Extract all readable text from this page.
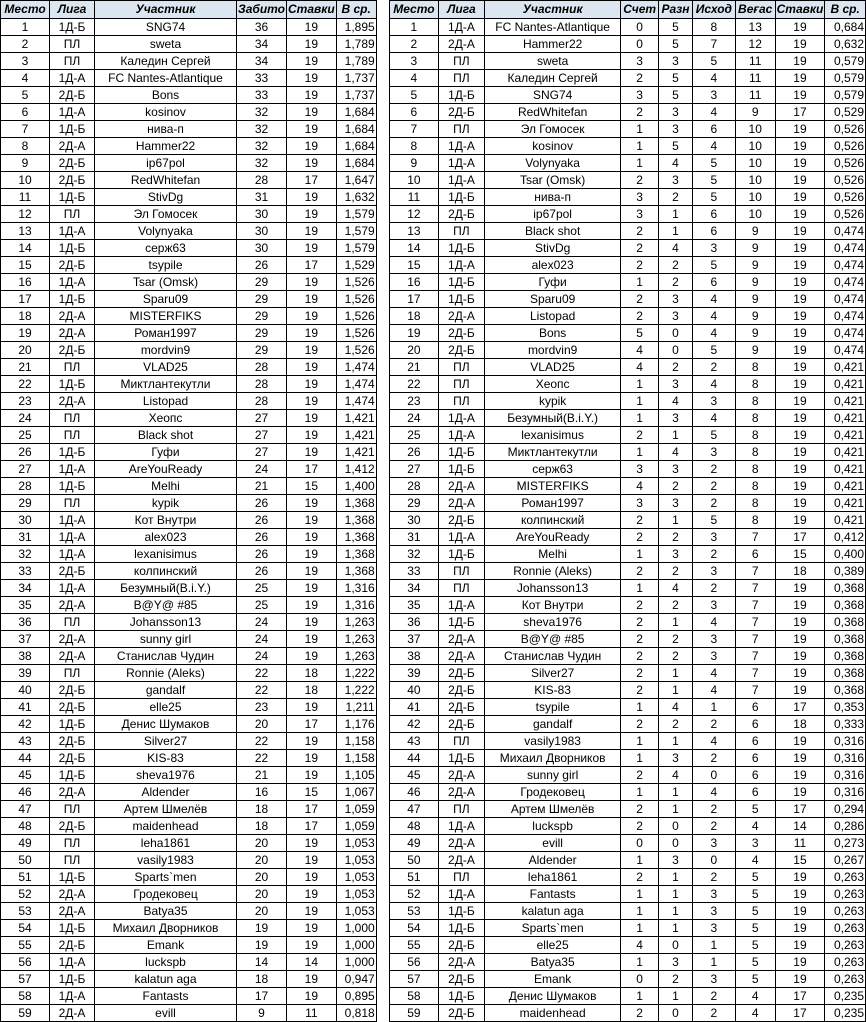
Место	Лига	Участник	Забито	Ставки	В ср.
1	1Д-Б	SNG74	36	19	1,895
2	ПЛ	sweta	34	19	1,789
3	ПЛ	Каледин Сергей	34	19	1,789
4	1Д-А	FC Nantes-Atlantique	33	19	1,737
5	2Д-Б	Bons	33	19	1,737
6	1Д-А	kosinov	32	19	1,684
7	1Д-Б	нива-п	32	19	1,684
8	2Д-А	Hammer22	32	19	1,684
9	2Д-Б	ip67pol	32	19	1,684
10	2Д-Б	RedWhitefan	28	17	1,647
11	1Д-Б	StivDg	31	19	1,632
12	ПЛ	Эл Гомосек	30	19	1,579
13	1Д-А	Volynyaka	30	19	1,579
14	1Д-Б	серж63	30	19	1,579
15	2Д-Б	tsypile	26	17	1,529
16	1Д-А	Tsar (Omsk)	29	19	1,526
17	1Д-Б	Sparu09	29	19	1,526
18	2Д-А	MISTERFIKS	29	19	1,526
19	2Д-А	Роман1997	29	19	1,526
20	2Д-Б	mordvin9	29	19	1,526
21	ПЛ	VLAD25	28	19	1,474
22	1Д-Б	Миктлантекутли	28	19	1,474
23	2Д-А	Listopad	28	19	1,474
24	ПЛ	Хеопс	27	19	1,421
25	ПЛ	Black shot	27	19	1,421
26	1Д-Б	Гуфи	27	19	1,421
27	1Д-А	AreYouReady	24	17	1,412
28	1Д-Б	Melhi	21	15	1,400
29	ПЛ	kypik	26	19	1,368
30	1Д-А	Кот Внутри	26	19	1,368
31	1Д-А	alex023	26	19	1,368
32	1Д-А	lexanisimus	26	19	1,368
33	2Д-Б	колпинский	26	19	1,368
34	1Д-А	Безумный(B.i.Y.)	25	19	1,316
35	2Д-А	B@Y@ #85	25	19	1,316
36	ПЛ	Johansson13	24	19	1,263
37	2Д-А	sunny girl	24	19	1,263
38	2Д-А	Станислав Чудин	24	19	1,263
39	ПЛ	Ronnie (Aleks)	22	18	1,222
40	2Д-Б	gandalf	22	18	1,222
41	2Д-Б	elle25	23	19	1,211
42	1Д-Б	Денис Шумаков	20	17	1,176
43	2Д-Б	Silver27	22	19	1,158
44	2Д-Б	KIS-83	22	19	1,158
45	1Д-Б	sheva1976	21	19	1,105
46	2Д-А	Aldender	16	15	1,067
47	ПЛ	Артем Шмелёв	18	17	1,059
48	2Д-Б	maidenhead	18	17	1,059
49	ПЛ	leha1861	20	19	1,053
50	ПЛ	vasily1983	20	19	1,053
51	1Д-Б	Sparts`men	20	19	1,053
52	2Д-А	Гродековец	20	19	1,053
53	2Д-А	Batya35	20	19	1,053
54	1Д-Б	Михаил Дворников	19	19	1,000
55	2Д-Б	Emank	19	19	1,000
56	1Д-А	luckspb	14	14	1,000
57	1Д-Б	kalatun aga	18	19	0,947
58	1Д-А	Fantasts	17	19	0,895
59	2Д-А	evill	9	11	0,818
Место	Лига	Участник	Счет	Разн	Исход	Веғас	Ставки	В ср.
1	1Д-А	FC Nantes-Atlantique	0	5	8	13	19	0,684
2	2Д-А	Hammer22	0	5	7	12	19	0,632
3	ПЛ	sweta	3	3	5	11	19	0,579
4	ПЛ	Каледин Сергей	2	5	4	11	19	0,579
5	1Д-Б	SNG74	3	5	3	11	19	0,579
6	2Д-Б	RedWhitefan	2	3	4	9	17	0,529
7	ПЛ	Эл Гомосек	1	3	6	10	19	0,526
8	1Д-А	kosinov	1	5	4	10	19	0,526
9	1Д-А	Volynyaka	1	4	5	10	19	0,526
10	1Д-А	Tsar (Omsk)	2	3	5	10	19	0,526
11	1Д-Б	нива-п	3	2	5	10	19	0,526
12	2Д-Б	ip67pol	3	1	6	10	19	0,526
13	ПЛ	Black shot	2	1	6	9	19	0,474
14	1Д-Б	StivDg	2	4	3	9	19	0,474
15	1Д-А	alex023	2	2	5	9	19	0,474
16	1Д-Б	Гуфи	1	2	6	9	19	0,474
17	1Д-Б	Sparu09	2	3	4	9	19	0,474
18	2Д-А	Listopad	2	3	4	9	19	0,474
19	2Д-Б	Bons	5	0	4	9	19	0,474
20	2Д-Б	mordvin9	4	0	5	9	19	0,474
21	ПЛ	VLAD25	4	2	2	8	19	0,421
22	ПЛ	Хеопс	1	3	4	8	19	0,421
23	ПЛ	kypik	1	4	3	8	19	0,421
24	1Д-А	Безумный(B.i.Y.)	1	3	4	8	19	0,421
25	1Д-А	lexanisimus	2	1	5	8	19	0,421
26	1Д-Б	Миктлантекутли	1	4	3	8	19	0,421
27	1Д-Б	серж63	3	3	2	8	19	0,421
28	2Д-А	MISTERFIKS	4	2	2	8	19	0,421
29	2Д-А	Роман1997	3	3	2	8	19	0,421
30	2Д-Б	колпинский	2	1	5	8	19	0,421
31	1Д-А	AreYouReady	2	2	3	7	17	0,412
32	1Д-Б	Melhi	1	3	2	6	15	0,400
33	ПЛ	Ronnie (Aleks)	2	2	3	7	18	0,389
34	ПЛ	Johansson13	1	4	2	7	19	0,368
35	1Д-А	Кот Внутри	2	2	3	7	19	0,368
36	1Д-Б	sheva1976	2	1	4	7	19	0,368
37	2Д-А	B@Y@ #85	2	2	3	7	19	0,368
38	2Д-А	Станислав Чудин	2	2	3	7	19	0,368
39	2Д-Б	Silver27	2	1	4	7	19	0,368
40	2Д-Б	KIS-83	2	1	4	7	19	0,368
41	2Д-Б	tsypile	1	4	1	6	17	0,353
42	2Д-Б	gandalf	2	2	2	6	18	0,333
43	ПЛ	vasily1983	1	1	4	6	19	0,316
44	1Д-Б	Михаил Дворников	1	3	2	6	19	0,316
45	2Д-А	sunny girl	2	4	0	6	19	0,316
46	2Д-А	Гродековец	1	1	4	6	19	0,316
47	ПЛ	Артем Шмелёв	2	1	2	5	17	0,294
48	1Д-А	luckspb	2	0	2	4	14	0,286
49	2Д-А	evill	0	0	3	3	11	0,273
50	2Д-А	Aldender	1	3	0	4	15	0,267
51	ПЛ	leha1861	2	1	2	5	19	0,263
52	1Д-А	Fantasts	1	1	3	5	19	0,263
53	1Д-Б	kalatun aga	1	1	3	5	19	0,263
54	1Д-Б	Sparts`men	1	1	3	5	19	0,263
55	2Д-Б	elle25	4	0	1	5	19	0,263
56	2Д-А	Batya35	1	3	1	5	19	0,263
57	2Д-Б	Emank	0	2	3	5	19	0,263
58	1Д-Б	Денис Шумаков	1	1	2	4	17	0,235
59	2Д-Б	maidenhead	2	0	2	4	17	0,235
